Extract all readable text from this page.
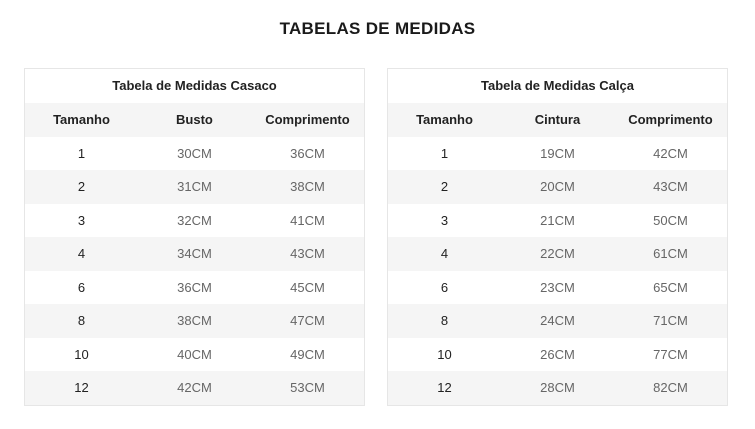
TABELAS DE MEDIDAS
Tabela de Medidas Casaco
Tamanho	Busto	Comprimento
1	30CM	36CM
2	31CM	38CM
3	32CM	41CM
4	34CM	43CM
6	36CM	45CM
8	38CM	47CM
10	40CM	49CM
12	42CM	53CM
Tabela de Medidas Calça
Tamanho	Cintura	Comprimento
1	19CM	42CM
2	20CM	43CM
3	21CM	50CM
4	22CM	61CM
6	23CM	65CM
8	24CM	71CM
10	26CM	77CM
12	28CM	82CM
